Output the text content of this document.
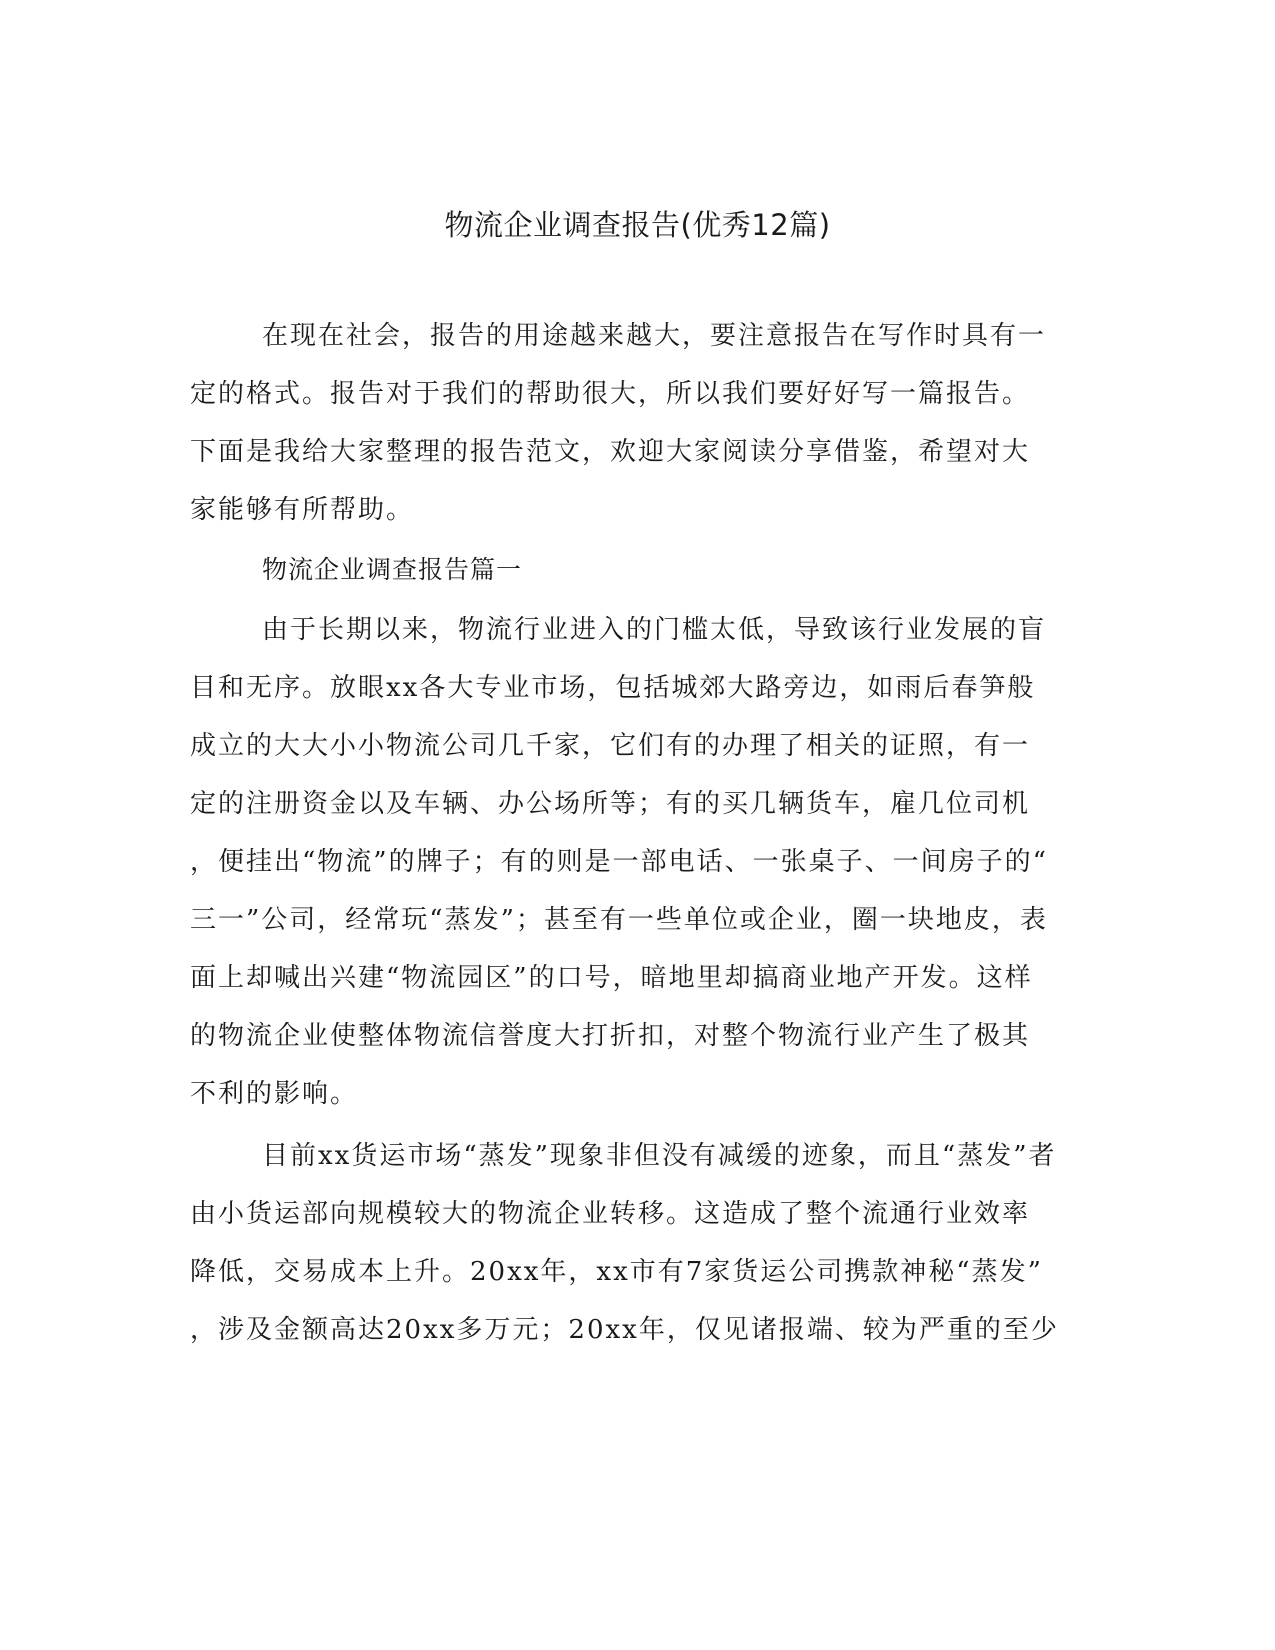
物流企业调查报告(优秀12篇)
在现在社会，报告的用途越来越大，要注意报告在写作时具有一
定的格式。报告对于我们的帮助很大，所以我们要好好写一篇报告。
下面是我给大家整理的报告范文，欢迎大家阅读分享借鉴，希望对大
家能够有所帮助。
物流企业调查报告篇一
由于长期以来，物流行业进入的门槛太低，导致该行业发展的盲
目和无序。放眼xx各大专业市场，包括城郊大路旁边，如雨后春笋般
成立的大大小小物流公司几千家，它们有的办理了相关的证照，有一
定的注册资金以及车辆、办公场所等；有的买几辆货车，雇几位司机
，便挂出“物流”的牌子；有的则是一部电话、一张桌子、一间房子的“
三一”公司，经常玩“蒸发”；甚至有一些单位或企业，圈一块地皮，表
面上却喊出兴建“物流园区”的口号，暗地里却搞商业地产开发。这样
的物流企业使整体物流信誉度大打折扣，对整个物流行业产生了极其
不利的影响。
目前xx货运市场“蒸发”现象非但没有减缓的迹象，而且“蒸发”者
由小货运部向规模较大的物流企业转移。这造成了整个流通行业效率
降低，交易成本上升。20xx年，xx市有7家货运公司携款神秘“蒸发”
，涉及金额高达20xx多万元；20xx年，仅见诸报端、较为严重的至少
